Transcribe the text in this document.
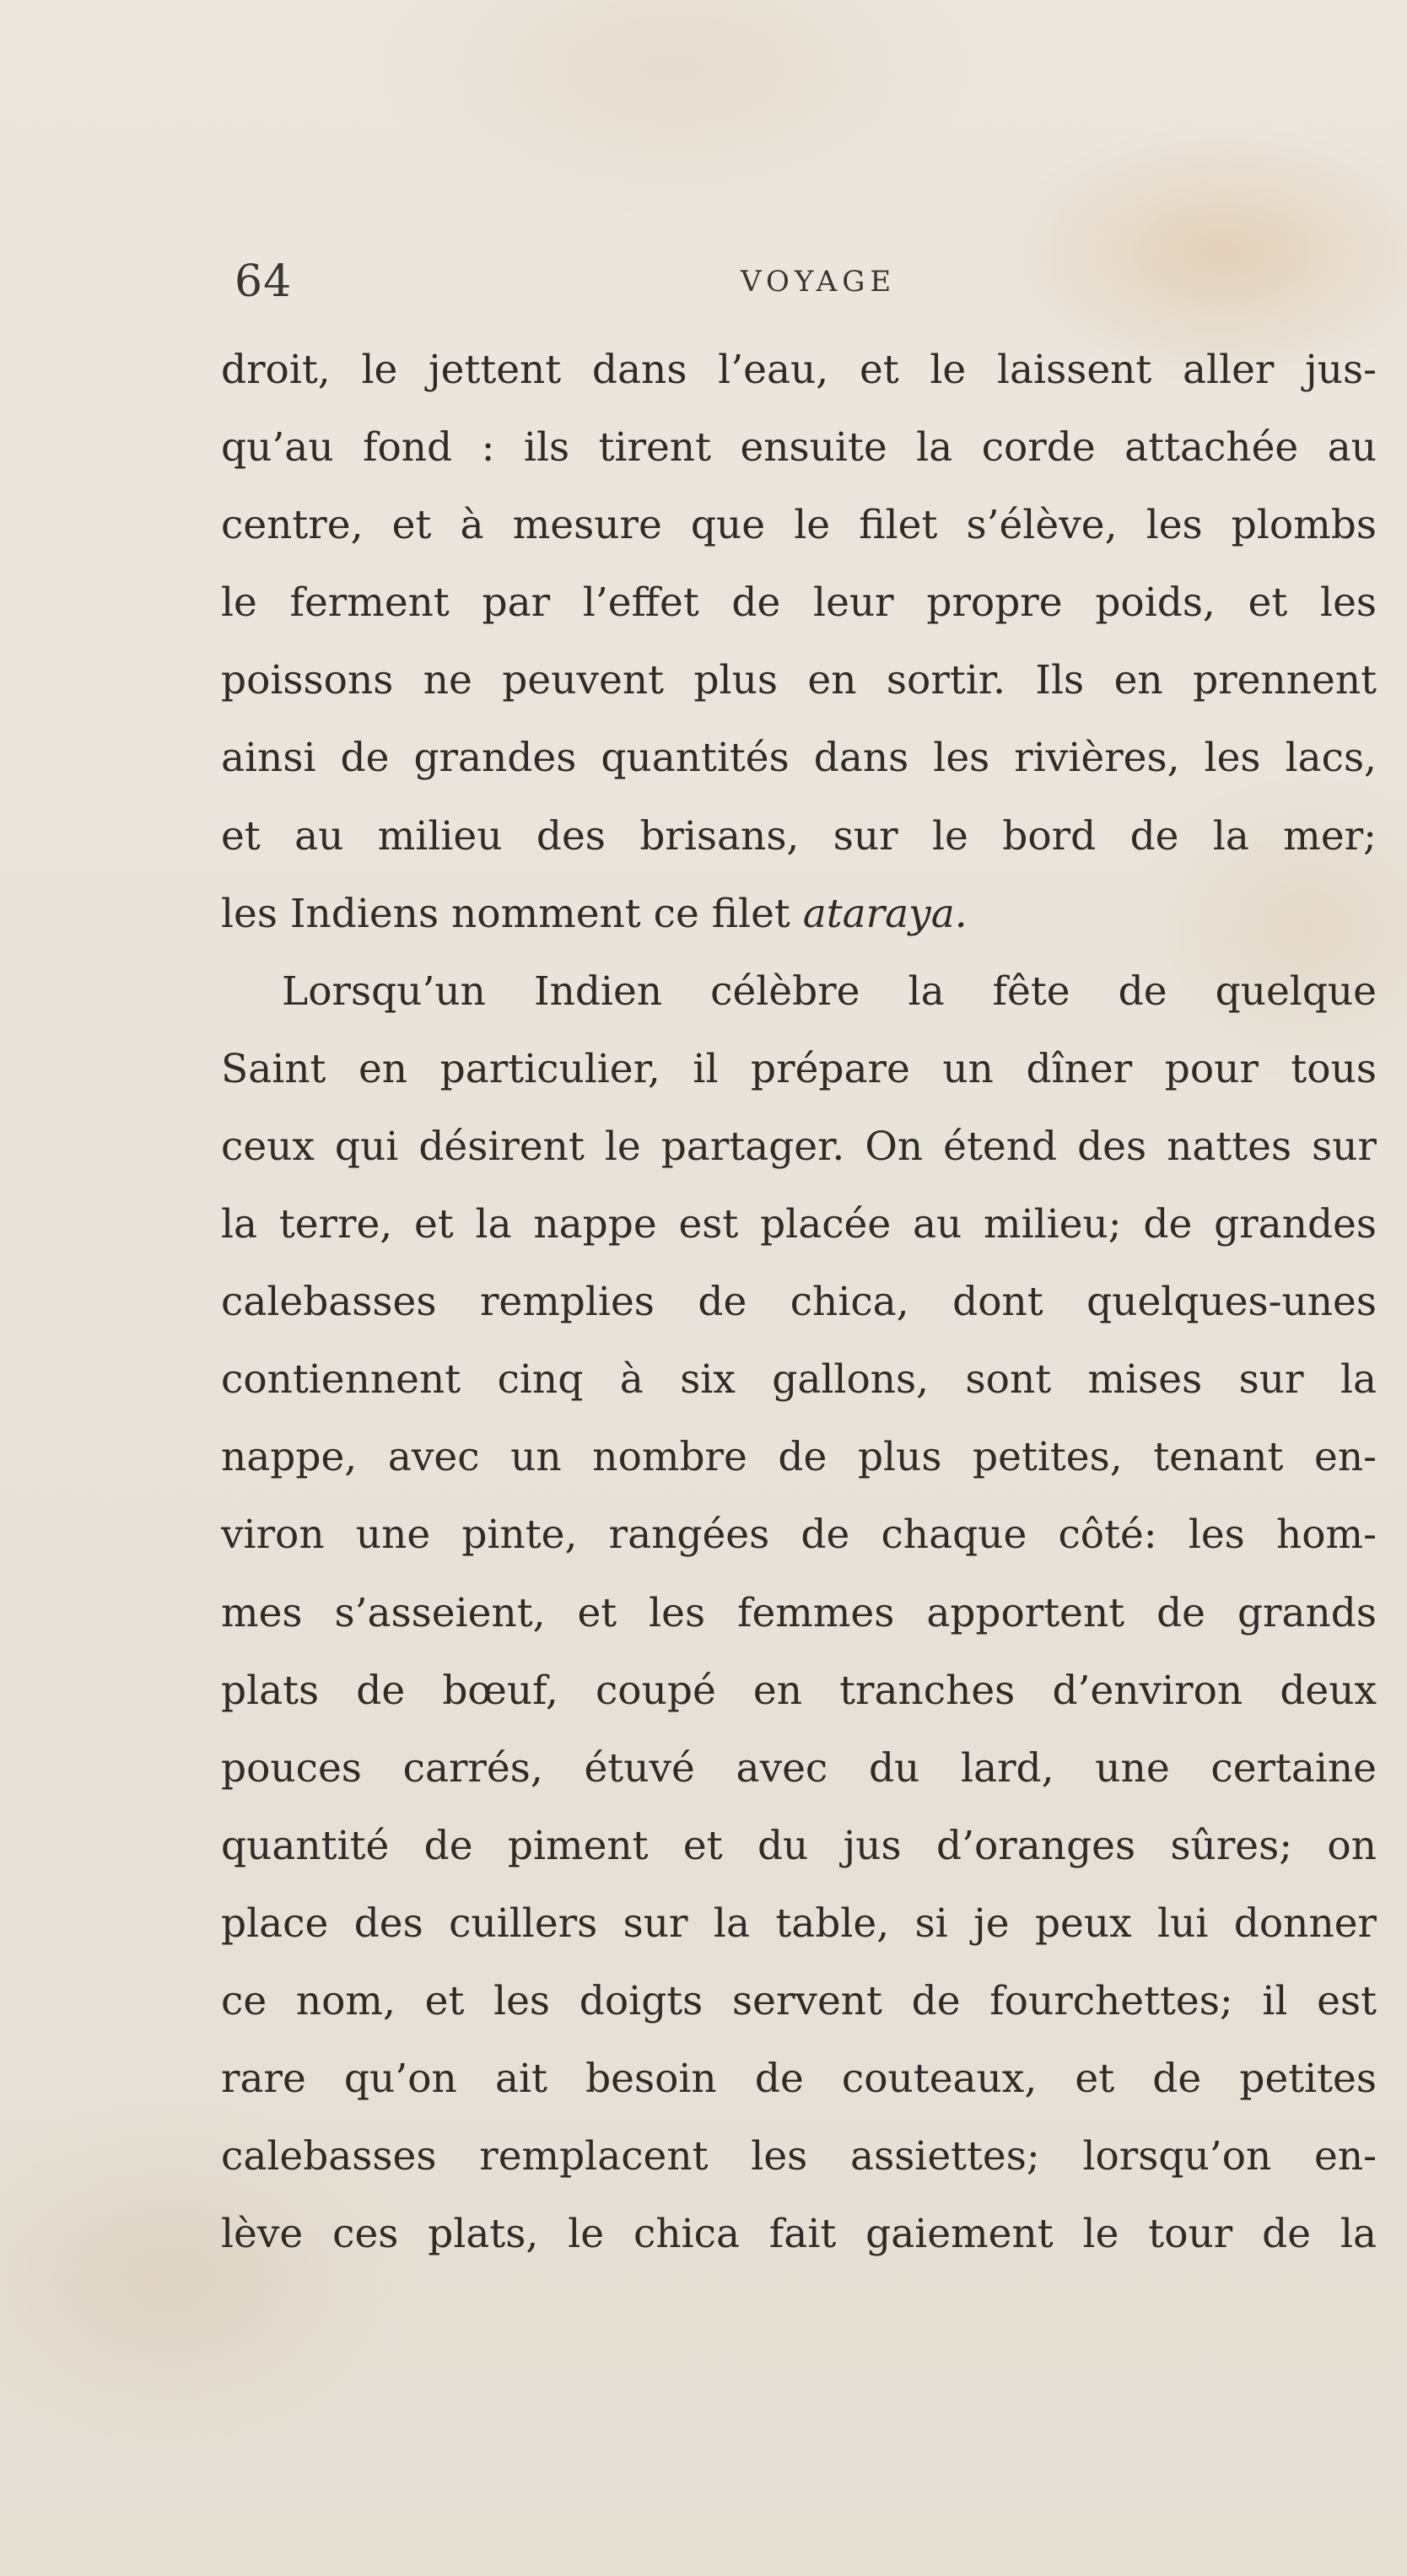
64	VOYAGE
droit, le jettent dans l’eau, et le laissent aller jus-
qu’au fond : ils tirent ensuite la corde attachée au
centre, et à mesure que le filet s’élève, les plombs
le ferment par l’effet de leur propre poids, et les
poissons ne peuvent plus en sortir. Ils en prennent
ainsi de grandes quantités dans les rivières, les lacs,
et au milieu des brisans, sur le bord de la mer;
les Indiens nomment ce filet ataraya.
Lorsqu’un Indien célèbre la fête de quelque
Saint en particulier, il prépare un dîner pour tous
ceux qui désirent le partager. On étend des nattes sur
la terre, et la nappe est placée au milieu; de grandes
calebasses remplies de chica, dont quelques-unes
contiennent cinq à six gallons, sont mises sur la
nappe, avec un nombre de plus petites, tenant en-
viron une pinte, rangées de chaque côté: les hom-
mes s’asseient, et les femmes apportent de grands
plats de bœuf, coupé en tranches d’environ deux
pouces carrés, étuvé avec du lard, une certaine
quantité de piment et du jus d’oranges sûres; on
place des cuillers sur la table, si je peux lui donner
ce nom, et les doigts servent de fourchettes; il est
rare qu’on ait besoin de couteaux, et de petites
calebasses remplacent les assiettes; lorsqu’on en-
lève ces plats, le chica fait gaiement le tour de la
